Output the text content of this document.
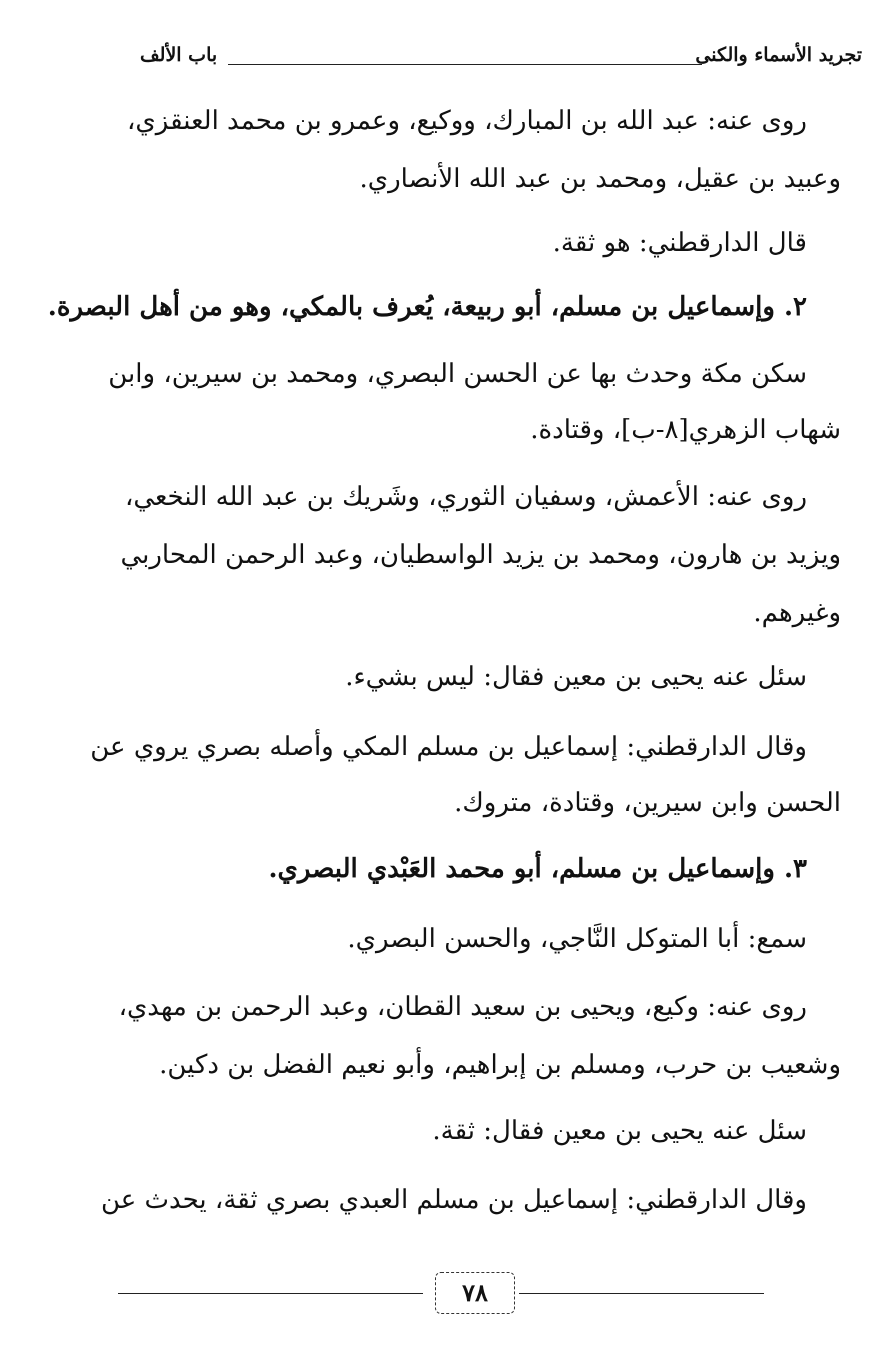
تجريد الأسماء والكنى
باب الألف
روى عنه: عبد الله بن المبارك، ووكيع، وعمرو بن محمد العنقزي،
وعبيد بن عقيل، ومحمد بن عبد الله الأنصاري.
قال الدارقطني: هو ثقة.
٢. وإسماعيل بن مسلم، أبو ربيعة، يُعرف بالمكي، وهو من أهل البصرة.
سكن مكة وحدث بها عن الحسن البصري، ومحمد بن سيرين، وابن
شهاب الزهري[٨-ب]، وقتادة.
روى عنه: الأعمش، وسفيان الثوري، وشَريك بن عبد الله النخعي،
ويزيد بن هارون، ومحمد بن يزيد الواسطيان، وعبد الرحمن المحاربي
وغيرهم.
سئل عنه يحيى بن معين فقال: ليس بشيء.
وقال الدارقطني: إسماعيل بن مسلم المكي وأصله بصري يروي عن
الحسن وابن سيرين، وقتادة، متروك.
٣. وإسماعيل بن مسلم، أبو محمد العَبْدي البصري.
سمع: أبا المتوكل النَّاجي، والحسن البصري.
روى عنه: وكيع، ويحيى بن سعيد القطان، وعبد الرحمن بن مهدي،
وشعيب بن حرب، ومسلم بن إبراهيم، وأبو نعيم الفضل بن دكين.
سئل عنه يحيى بن معين فقال: ثقة.
وقال الدارقطني: إسماعيل بن مسلم العبدي بصري ثقة، يحدث عن
٧٨
